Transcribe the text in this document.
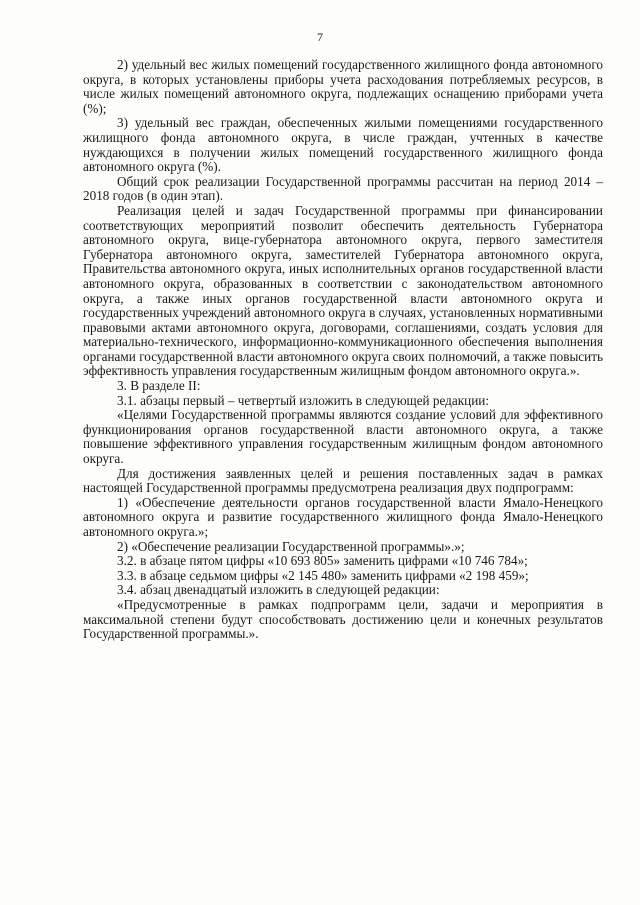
7

2) удельный вес жилых помещений государственного жилищного фонда автономного округа, в которых установлены приборы учета расходования потребляемых ресурсов, в числе жилых помещений автономного округа, подлежащих оснащению приборами учета (%);

3) удельный вес граждан, обеспеченных жилыми помещениями государственного жилищного фонда автономного округа, в числе граждан, учтенных в качестве нуждающихся в получении жилых помещений государственного жилищного фонда автономного округа (%).

Общий срок реализации Государственной программы рассчитан на период 2014 – 2018 годов (в один этап).

Реализация целей и задач Государственной программы при финансировании соответствующих мероприятий позволит обеспечить деятельность Губернатора автономного округа, вице-губернатора автономного округа, первого заместителя Губернатора автономного округа, заместителей Губернатора автономного округа, Правительства автономного округа, иных исполнительных органов государственной власти автономного округа, образованных в соответствии с законодательством автономного округа, а также иных органов государственной власти автономного округа и государственных учреждений автономного округа в случаях, установленных нормативными правовыми актами автономного округа, договорами, соглашениями, создать условия для материально-технического, информационно-коммуникационного обеспечения выполнения органами государственной власти автономного округа своих полномочий, а также повысить эффективность управления государственным жилищным фондом автономного округа.».

3. В разделе II:

3.1. абзацы первый – четвертый изложить в следующей редакции:

«Целями Государственной программы являются создание условий для эффективного функционирования органов государственной власти автономного округа, а также повышение эффективного управления государственным жилищным фондом автономного округа.

Для достижения заявленных целей и решения поставленных задач в рамках настоящей Государственной программы предусмотрена реализация двух подпрограмм:

1) «Обеспечение деятельности органов государственной власти Ямало-Ненецкого автономного округа и развитие государственного жилищного фонда Ямало-Ненецкого автономного округа.»;

2) «Обеспечение реализации Государственной программы».»;

3.2. в абзаце пятом цифры «10 693 805» заменить цифрами «10 746 784»;

3.3. в абзаце седьмом цифры «2 145 480» заменить цифрами «2 198 459»;

3.4. абзац двенадцатый изложить в следующей редакции:

«Предусмотренные в рамках подпрограмм цели, задачи и мероприятия в максимальной степени будут способствовать достижению цели и конечных результатов Государственной программы.».
